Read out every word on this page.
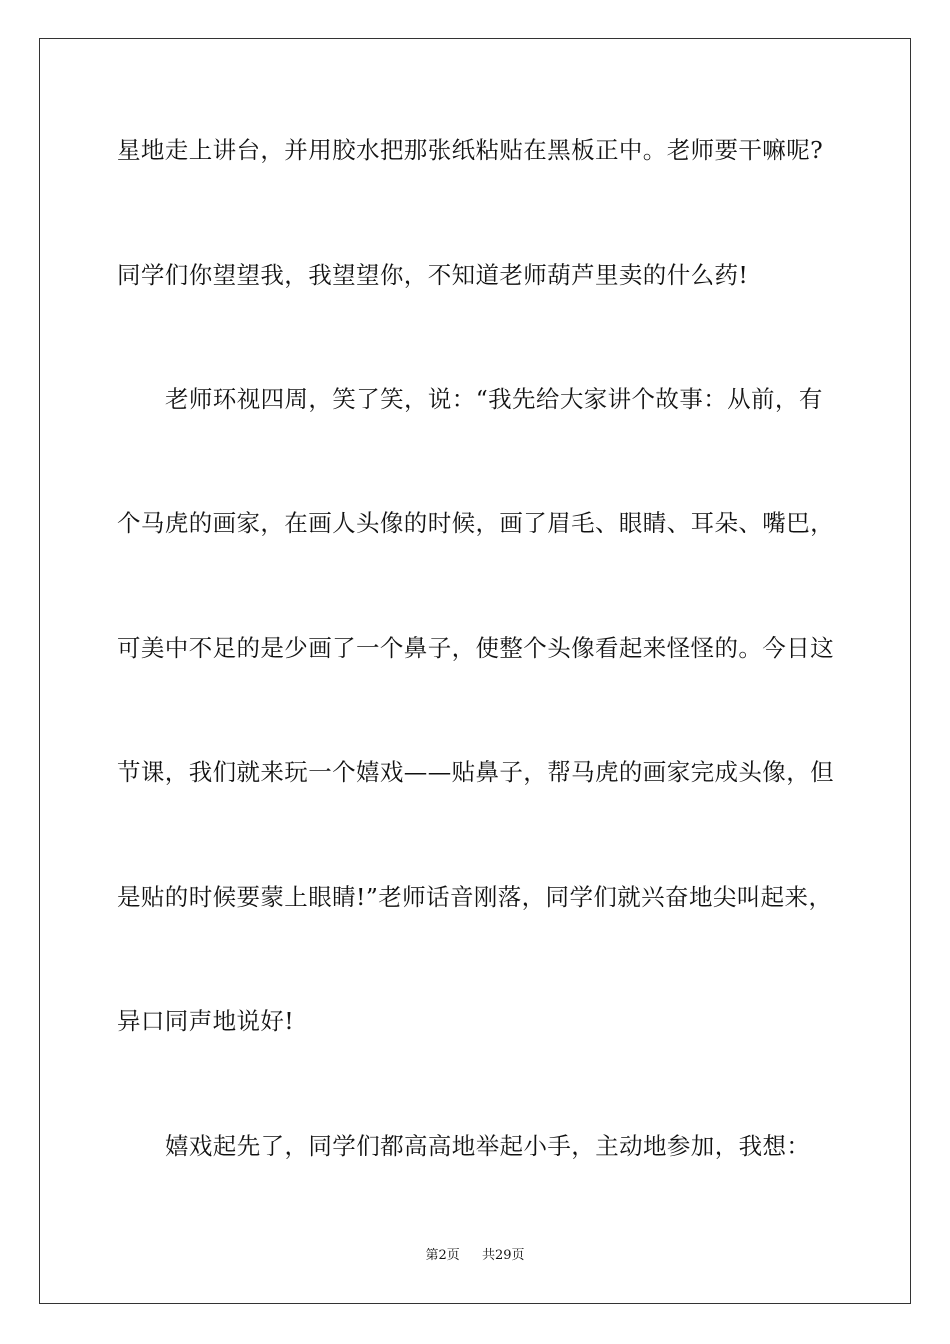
星地走上讲台，并用胶水把那张纸粘贴在黑板正中。老师要干嘛呢?
同学们你望望我，我望望你，不知道老师葫芦里卖的什么药!
老师环视四周，笑了笑，说：“我先给大家讲个故事：从前，有
个马虎的画家，在画人头像的时候，画了眉毛、眼睛、耳朵、嘴巴，
可美中不足的是少画了一个鼻子，使整个头像看起来怪怪的。今日这
节课，我们就来玩一个嬉戏——贴鼻子，帮马虎的画家完成头像，但
是贴的时候要蒙上眼睛!”老师话音刚落，同学们就兴奋地尖叫起来，
异口同声地说好!
嬉戏起先了，同学们都高高地举起小手，主动地参加，我想：
第2页 共29页
